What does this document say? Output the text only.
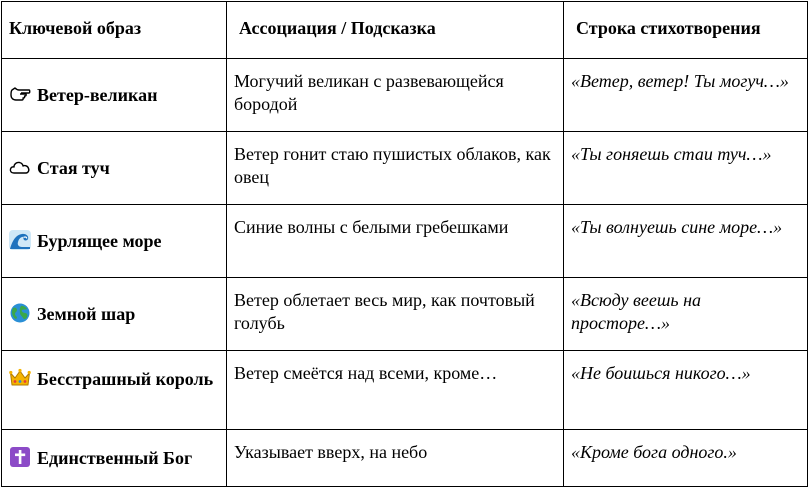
Ключевой образ	Ассоциация / Подсказка	Строка стихотворения

Ветер-великан	Могучий великан с развевающейся бородой	«Ветер, ветер! Ты могуч…»

Стая туч	Ветер гонит стаю пушистых облаков, как овец	«Ты гоняешь стаи туч…»

Бурлящее море	Синие волны с белыми гребешками	«Ты волнуешь сине море…»

Земной шар	Ветер облетает весь мир, как почтовый голубь	«Всюду веешь на просторе…»

Бесстрашный король	Ветер смеётся над всеми, кроме…	«Не боишься никого…»

Единственный Бог	Указывает вверх, на небо	«Кроме бога одного.»
